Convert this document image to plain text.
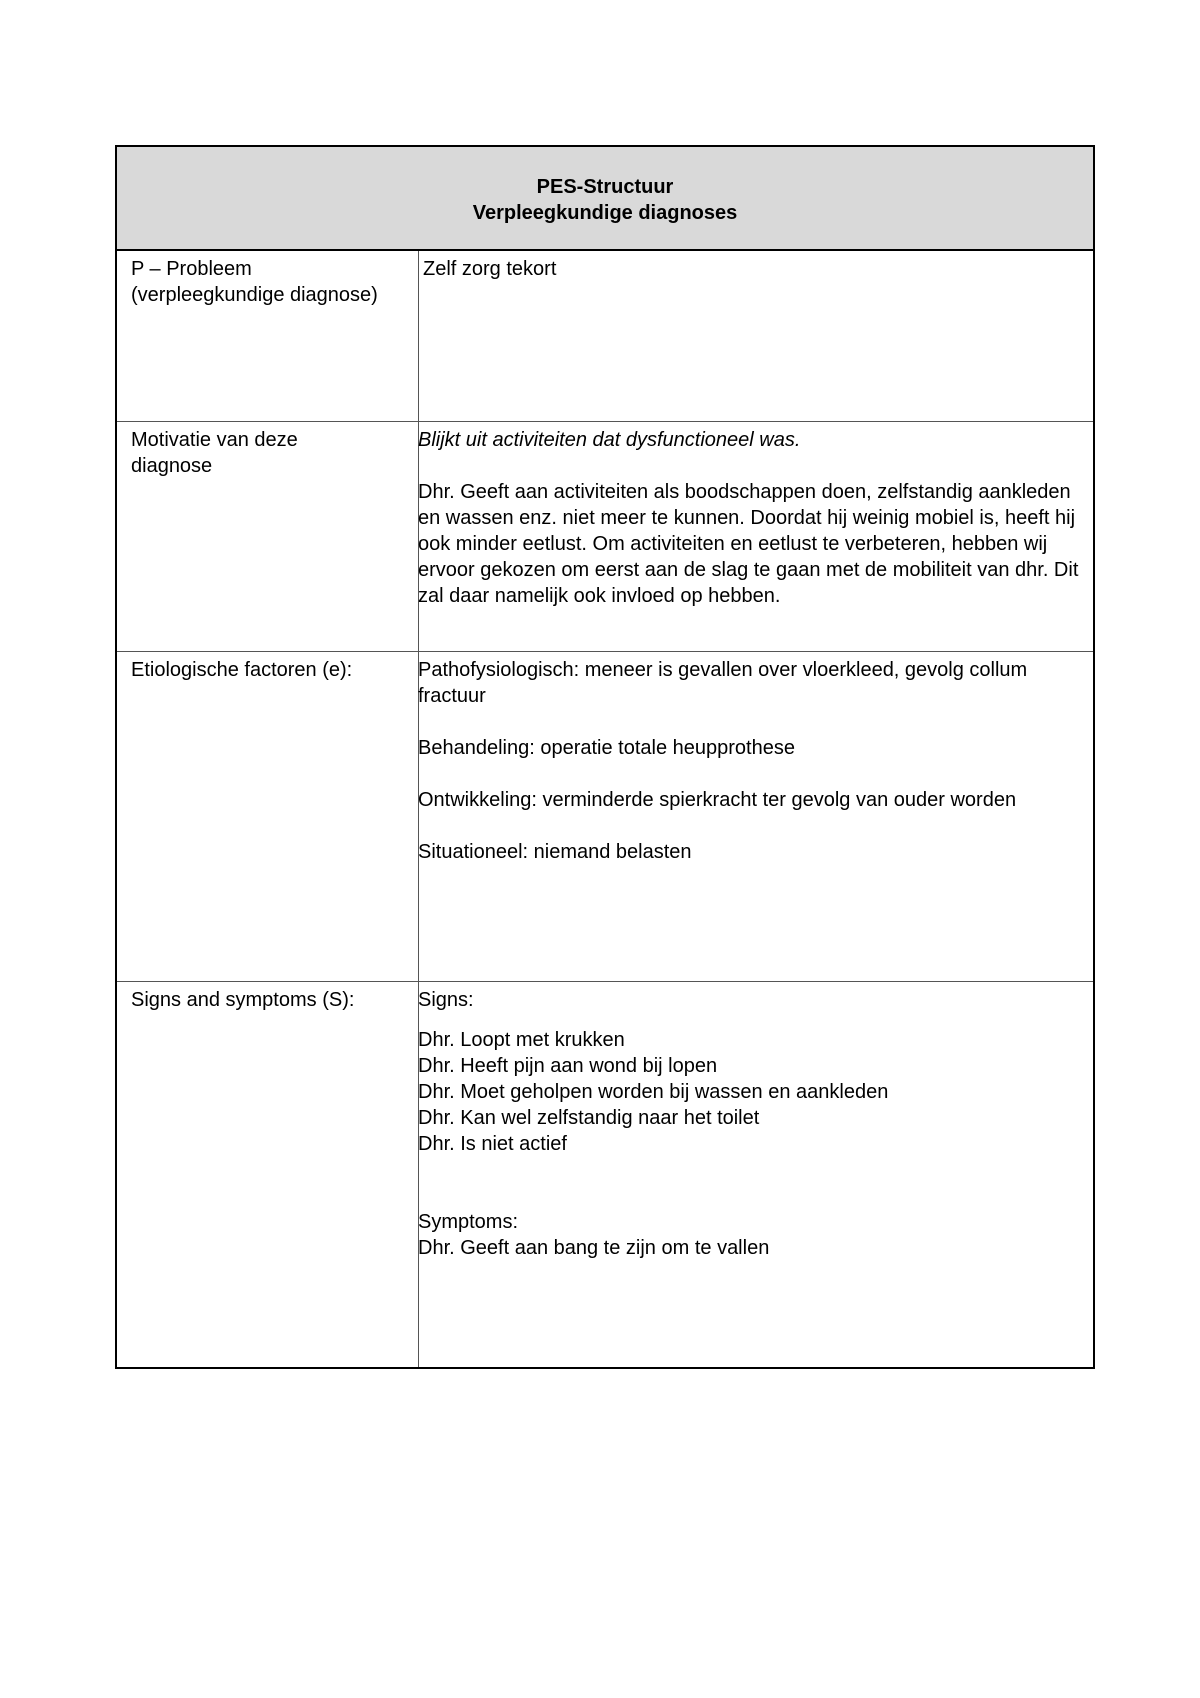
PES-Structuur
Verpleegkundige diagnoses

P – Probleem

(verpleegkundige diagnose)

Zelf zorg tekort

Motivatie van deze

diagnose

Blijkt uit activiteiten dat dysfunctioneel was.

Dhr. Geeft aan activiteiten als boodschappen doen, zelfstandig aankleden en wassen enz. niet meer te kunnen. Doordat hij weinig mobiel is, heeft hij ook minder eetlust. Om activiteiten en eetlust te verbeteren, hebben wij ervoor gekozen om eerst aan de slag te gaan met de mobiliteit van dhr. Dit zal daar namelijk ook invloed op hebben.

Etiologische factoren (e):	Pathofysiologisch: meneer is gevallen over vloerkleed, gevolg collum fractuur

Behandeling: operatie totale heupprothese

Ontwikkeling: verminderde spierkracht ter gevolg van ouder worden

Situationeel: niemand belasten

Signs and symptoms (S):	Signs:

Dhr. Loopt met krukken

Dhr. Heeft pijn aan wond bij lopen

Dhr. Moet geholpen worden bij wassen en aankleden

Dhr. Kan wel zelfstandig naar het toilet

Dhr. Is niet actief

Symptoms:

Dhr. Geeft aan bang te zijn om te vallen
